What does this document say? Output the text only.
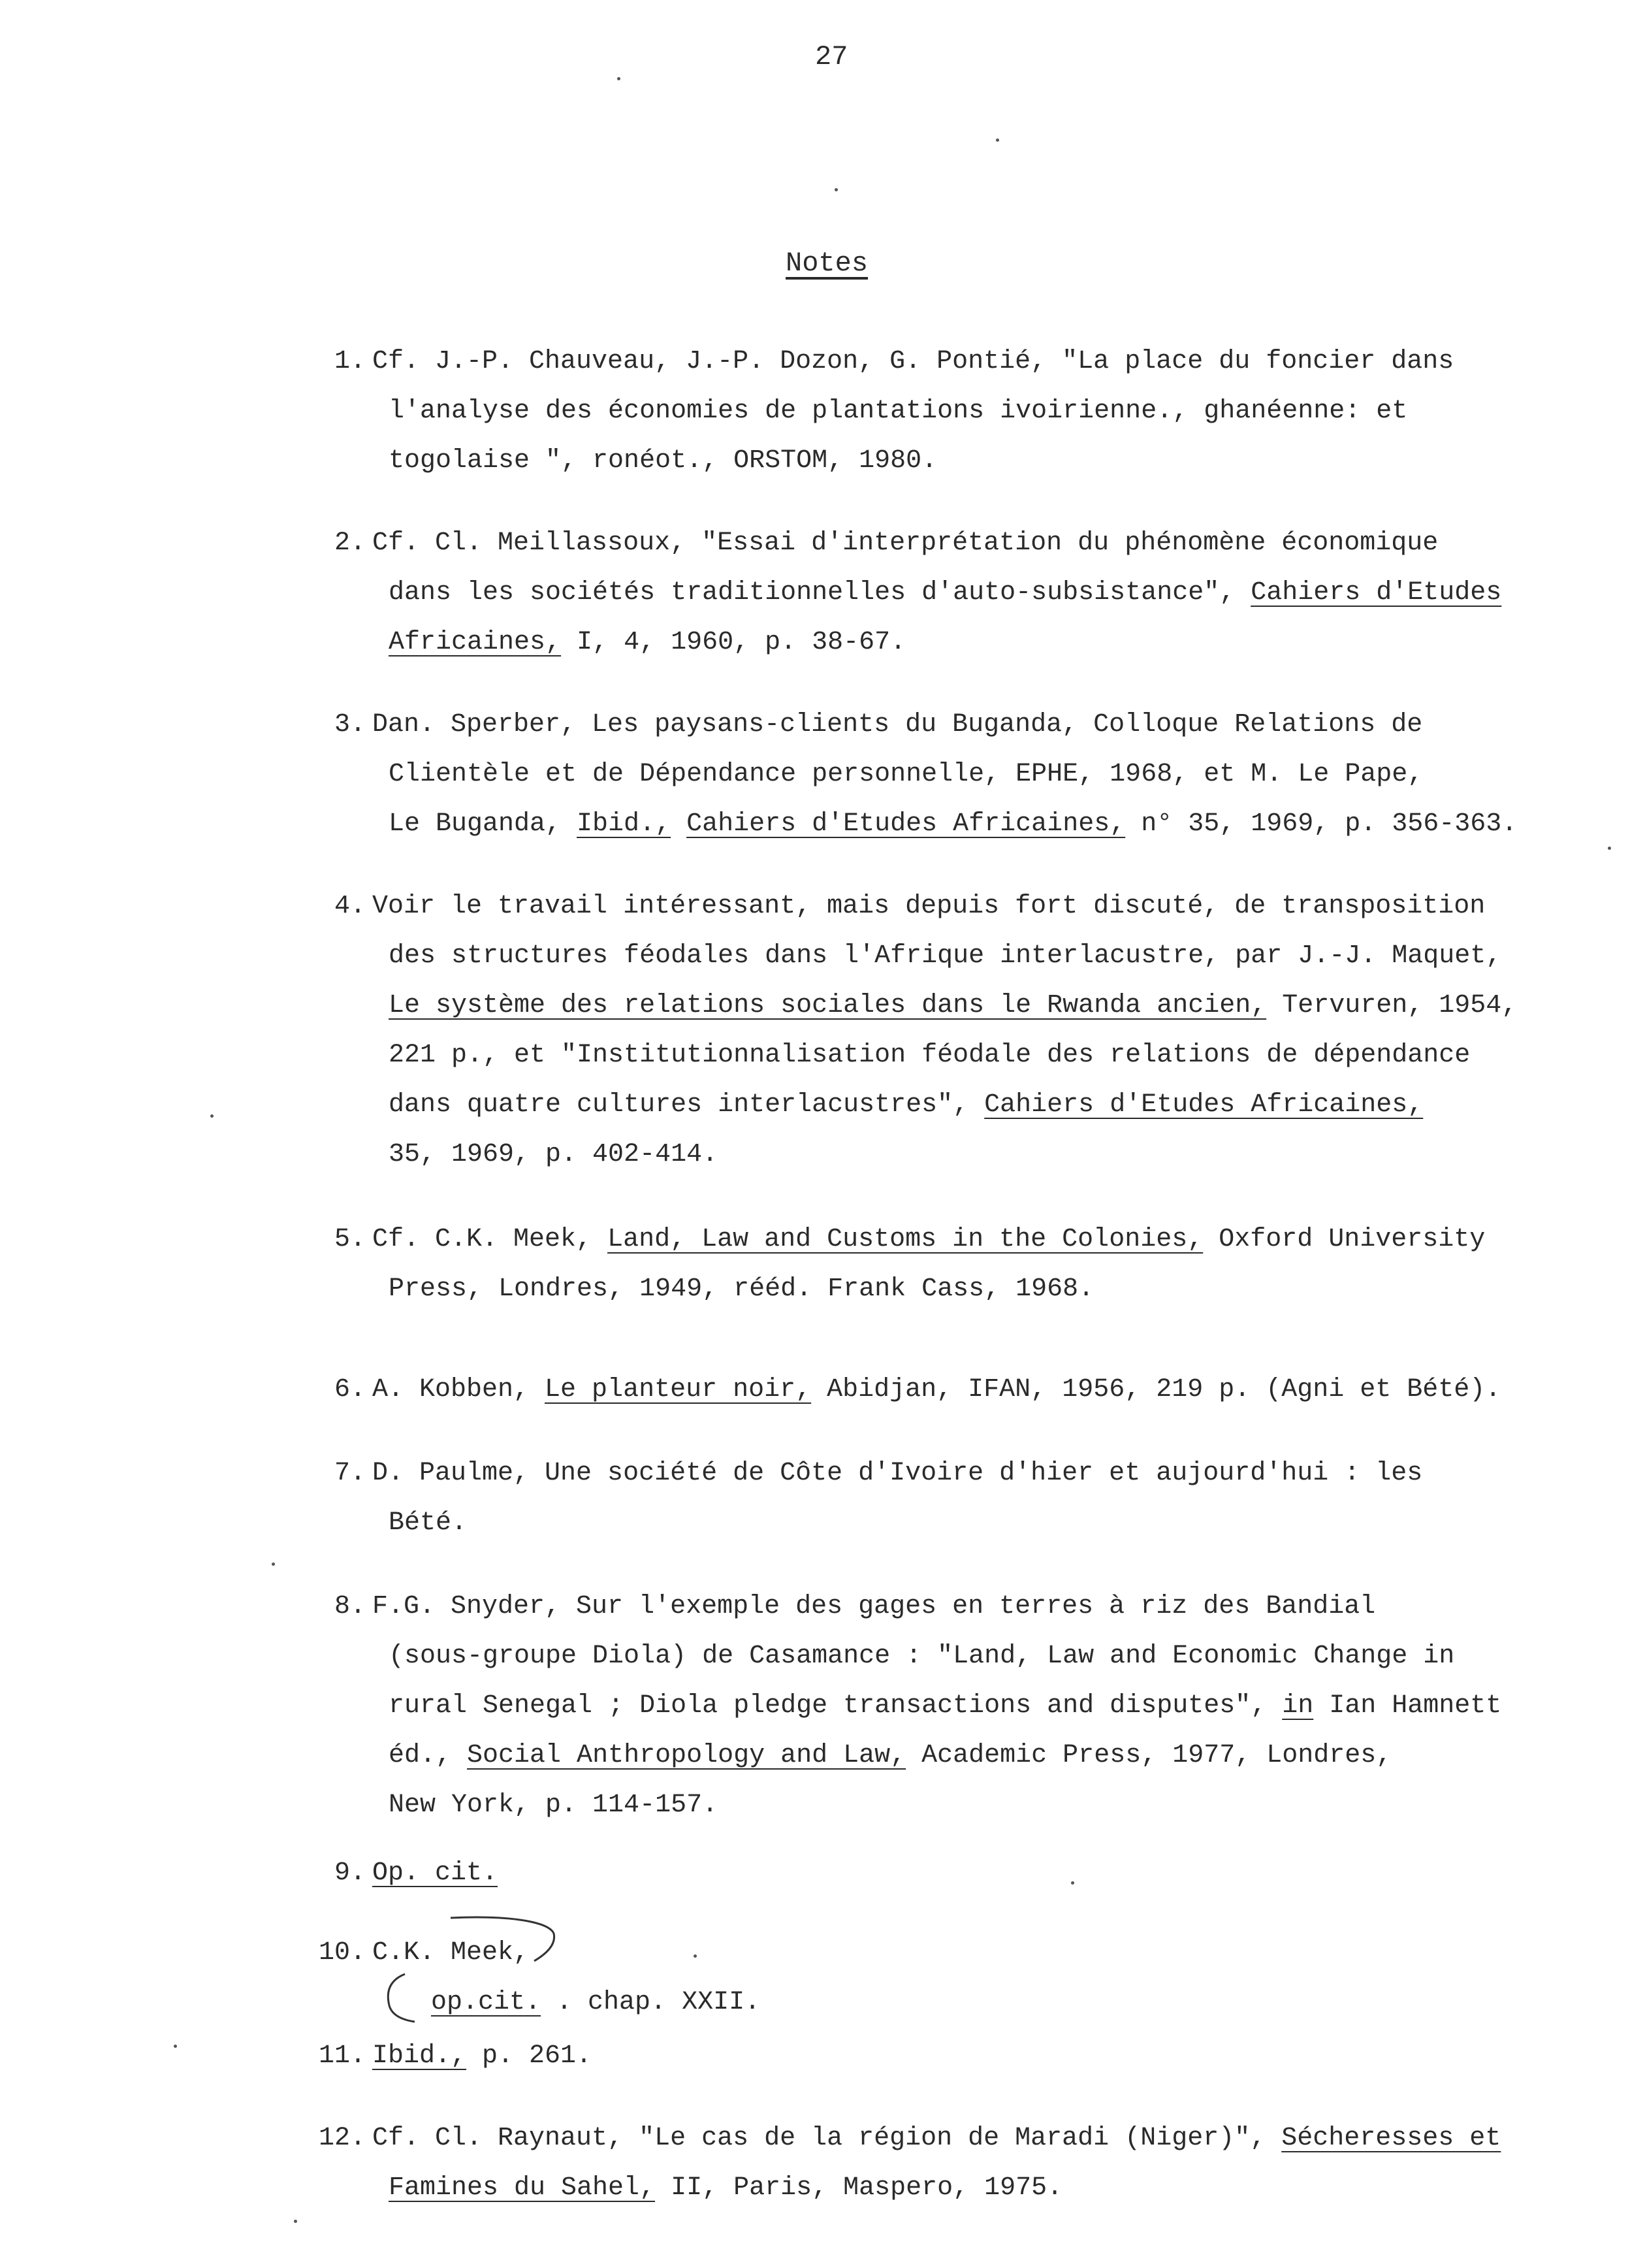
27
Notes
1. Cf. J.-P. Chauveau, J.-P. Dozon, G. Pontié, "La place du foncier dans
l'analyse des économies de plantations ivoirienne., ghanéenne: et
togolaise ", ronéot., ORSTOM, 1980.
2. Cf. Cl. Meillassoux, "Essai d'interprétation du phénomène économique
dans les sociétés traditionnelles d'auto-subsistance", Cahiers d'Etudes
Africaines, I, 4, 1960, p. 38-67.
3. Dan. Sperber, Les paysans-clients du Buganda, Colloque Relations de
Clientèle et de Dépendance personnelle, EPHE, 1968, et M. Le Pape,
Le Buganda, Ibid., Cahiers d'Etudes Africaines, n° 35, 1969, p. 356-363.
4. Voir le travail intéressant, mais depuis fort discuté, de transposition
des structures féodales dans l'Afrique interlacustre, par J.-J. Maquet,
Le système des relations sociales dans le Rwanda ancien, Tervuren, 1954,
221 p., et "Institutionnalisation féodale des relations de dépendance
dans quatre cultures interlacustres", Cahiers d'Etudes Africaines,
35, 1969, p. 402-414.
5. Cf. C.K. Meek, Land, Law and Customs in the Colonies, Oxford University
Press, Londres, 1949, rééd. Frank Cass, 1968.
6. A. Kobben, Le planteur noir, Abidjan, IFAN, 1956, 219 p. (Agni et Bété).
7. D. Paulme, Une société de Côte d'Ivoire d'hier et aujourd'hui : les
Bété.
8. F.G. Snyder, Sur l'exemple des gages en terres à riz des Bandial
(sous-groupe Diola) de Casamance : "Land, Law and Economic Change in
rural Senegal ; Diola pledge transactions and disputes", in Ian Hamnett
éd., Social Anthropology and Law, Academic Press, 1977, Londres,
New York, p. 114-157.
9. Op. cit.
10. C.K. Meek,
op.cit. . chap. XXII.
11. Ibid., p. 261.
12. Cf. Cl. Raynaut, "Le cas de la région de Maradi (Niger)", Sécheresses et
Famines du Sahel, II, Paris, Maspero, 1975.
